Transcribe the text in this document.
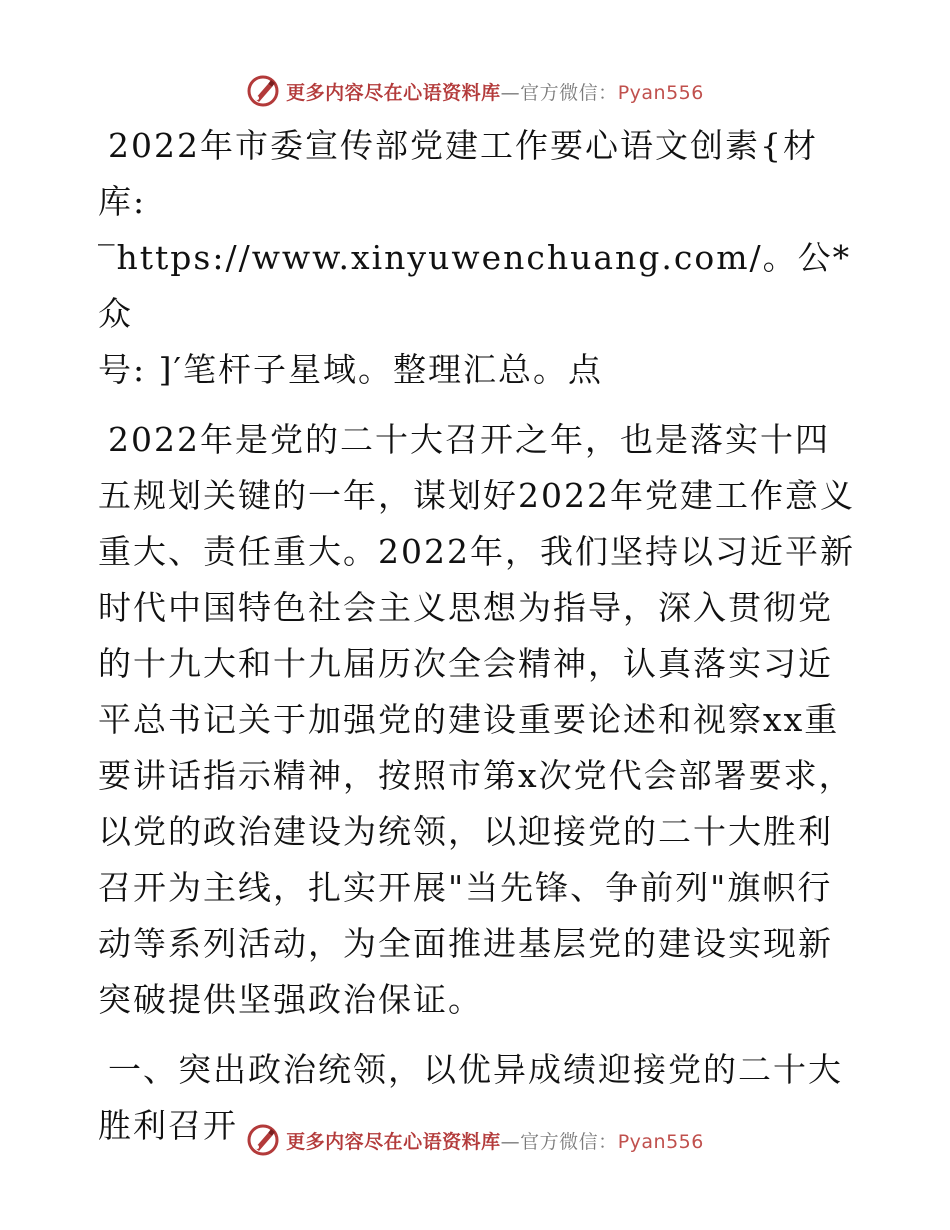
更多内容尽在心语资料库—官方微信：Pyan556

2022年市委宣传部党建工作要心语文创素{材库:
‾https://www.xinyuwenchuang.com/。公*众
号: ]′笔杆子星域。整理汇总。点

2022年是党的二十大召开之年，也是落实十四五规划关键的一年，谋划好2022年党建工作意义重大、责任重大。2022年，我们坚持以习近平新时代中国特色社会主义思想为指导，深入贯彻党的十九大和十九届历次全会精神，认真落实习近平总书记关于加强党的建设重要论述和视察xx重要讲话指示精神，按照市第x次党代会部署要求，以党的政治建设为统领，以迎接党的二十大胜利召开为主线，扎实开展"当先锋、争前列"旗帜行动等系列活动，为全面推进基层党的建设实现新突破提供坚强政治保证。

一、突出政治统领，以优异成绩迎接党的二十大胜利召开	更多内容尽在心语资料库—官方微信：Pyan556
